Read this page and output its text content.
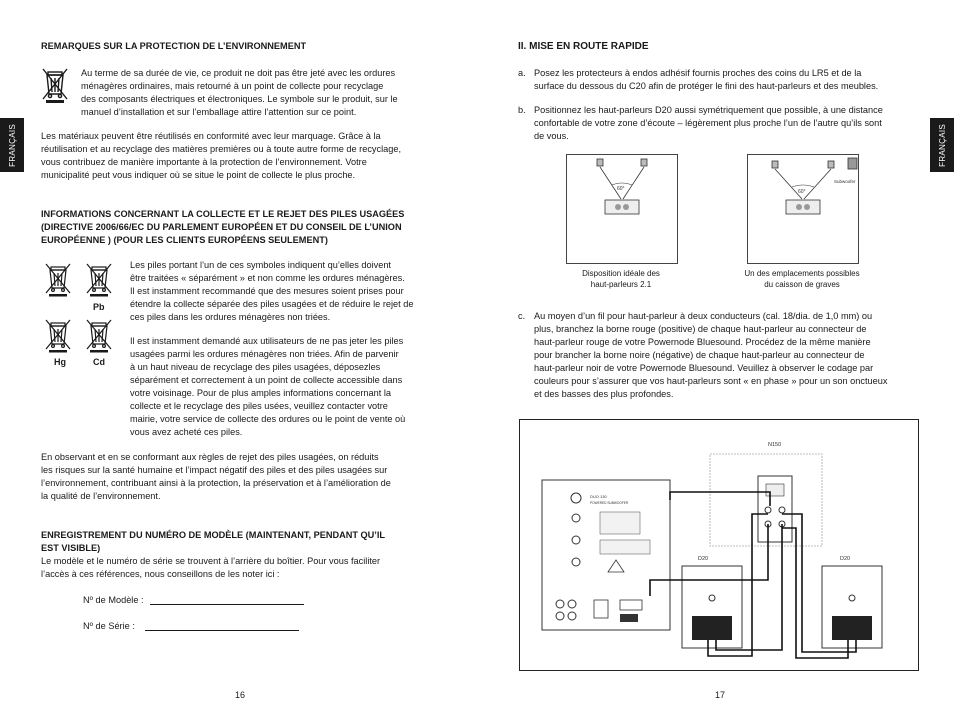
FRANÇAIS
REMARQUES SUR LA PROTECTION DE L’ENVIRONNEMENT
Au terme de sa durée de vie, ce produit ne doit pas être jeté avec les ordures
ménagères ordinaires, mais retourné à un point de collecte pour recyclage
des composants électriques et électroniques. Le symbole sur le produit, sur le
manuel d’installation et sur l’emballage attire l’attention sur ce point.
Les matériaux peuvent être réutilisés en conformité avec leur marquage. Grâce à la
réutilisation et au recyclage des matières premières ou à toute autre forme de recyclage,
vous contribuez de manière importante à la protection de l’environnement. Votre
municipalité peut vous indiquer où se situe le point de collecte le plus proche.
INFORMATIONS CONCERNANT LA COLLECTE ET LE REJET DES PILES USAGÉES
(DIRECTIVE 2006/66/EC DU PARLEMENT EUROPÉEN ET DU CONSEIL DE L’UNION
EUROPÉENNE ) (POUR LES CLIENTS EUROPÉENS SEULEMENT)
Pb
Hg	Cd
Les piles portant l’un de ces symboles indiquent qu’elles doivent
être traitées « séparément » et non comme les ordures ménagères.
Il est instamment recommandé que des mesures soient prises pour
étendre la collecte séparée des piles usagées et de réduire le rejet de
ces piles dans les ordures ménagères non triées.
Il est instamment demandé aux utilisateurs de ne pas jeter les piles
usagées parmi les ordures ménagères non triées. Afin de parvenir
à un haut niveau de recyclage des piles usagées, déposezles
séparément et correctement à un point de collecte accessible dans
votre voisinage. Pour de plus amples informations concernant la
collecte et le recyclage des piles usées, veuillez contacter votre
mairie, votre service de collecte des ordures ou le point de vente où
vous avez acheté ces piles.
En observant et en se conformant aux règles de rejet des piles usagées, on réduits
les risques sur la santé humaine et l’impact négatif des piles et des piles usagées sur
l’environnement, contribuant ainsi à la protection, la préservation et à l’amélioration de
la qualité de l’environnement.
ENREGISTREMENT DU NUMÉRO DE MODÈLE (MAINTENANT, PENDANT QU’IL
EST VISIBLE)
Le modèle et le numéro de série se trouvent à l’arrière du boîtier. Pour vous faciliter
l’accès à ces références, nous conseillons de les noter ici :
Nº de Modèle :
Nº de Série :
16
FRANÇAIS
II. MISE EN ROUTE RAPIDE
a. Posez les protecteurs à endos adhésif fournis proches des coins du LR5 et de la
surface du dessous du C20 afin de protéger le fini des haut-parleurs et des meubles.
b. Positionnez les haut-parleurs D20 aussi symétriquement que possible, à une distance
confortable de votre zone d’écoute – légèrement plus proche l’un de l’autre qu’ils sont
de vous.
60°
Disposition idéale des
haut-parleurs 2.1
Subwoofer
60°
Un des emplacements possibles
du caisson de graves
c. Au moyen d’un fil pour haut-parleur à deux conducteurs (cal. 18/dia. de 1,0 mm) ou
plus, branchez la borne rouge (positive) de chaque haut-parleur au connecteur de
haut-parleur rouge de votre Powernode Bluesound. Procédez de la même manière
pour brancher la borne noire (négative) de chaque haut-parleur au connecteur de
haut-parleur noir de votre Powernode Bluesound. Veuillez à observer le codage par
couleurs pour s’assurer que vos haut-parleurs sont « en phase » pour un son onctueux
et des basses des plus profondes.
DUO 130
POWERED SUBWOOFER
N150
D20	D20
17
